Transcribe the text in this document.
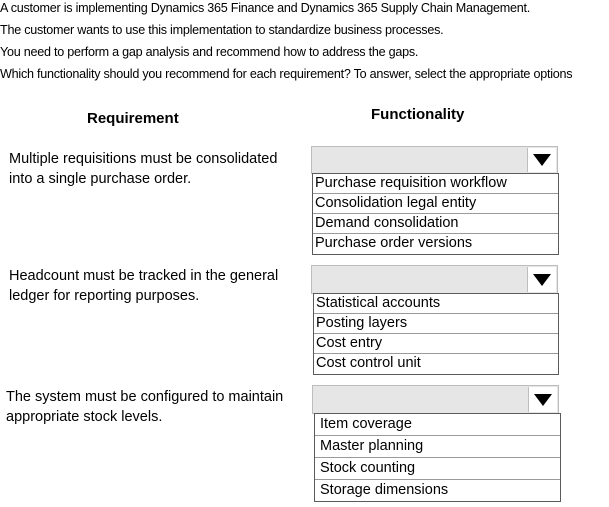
A customer is implementing Dynamics 365 Finance and Dynamics 365 Supply Chain Management.
The customer wants to use this implementation to standardize business processes.
You need to perform a gap analysis and recommend how to address the gaps.
Which functionality should you recommend for each requirement? To answer, select the appropriate options
Requirement	Functionality
Multiple requisitions must be consolidated
into a single purchase order.	Purchase requisition workflow
Consolidation legal entity
Demand consolidation
Purchase order versions
Headcount must be tracked in the general
ledger for reporting purposes.	Statistical accounts
Posting layers
Cost entry
Cost control unit
The system must be configured to maintain
appropriate stock levels.	Item coverage
Master planning
Stock counting
Storage dimensions
